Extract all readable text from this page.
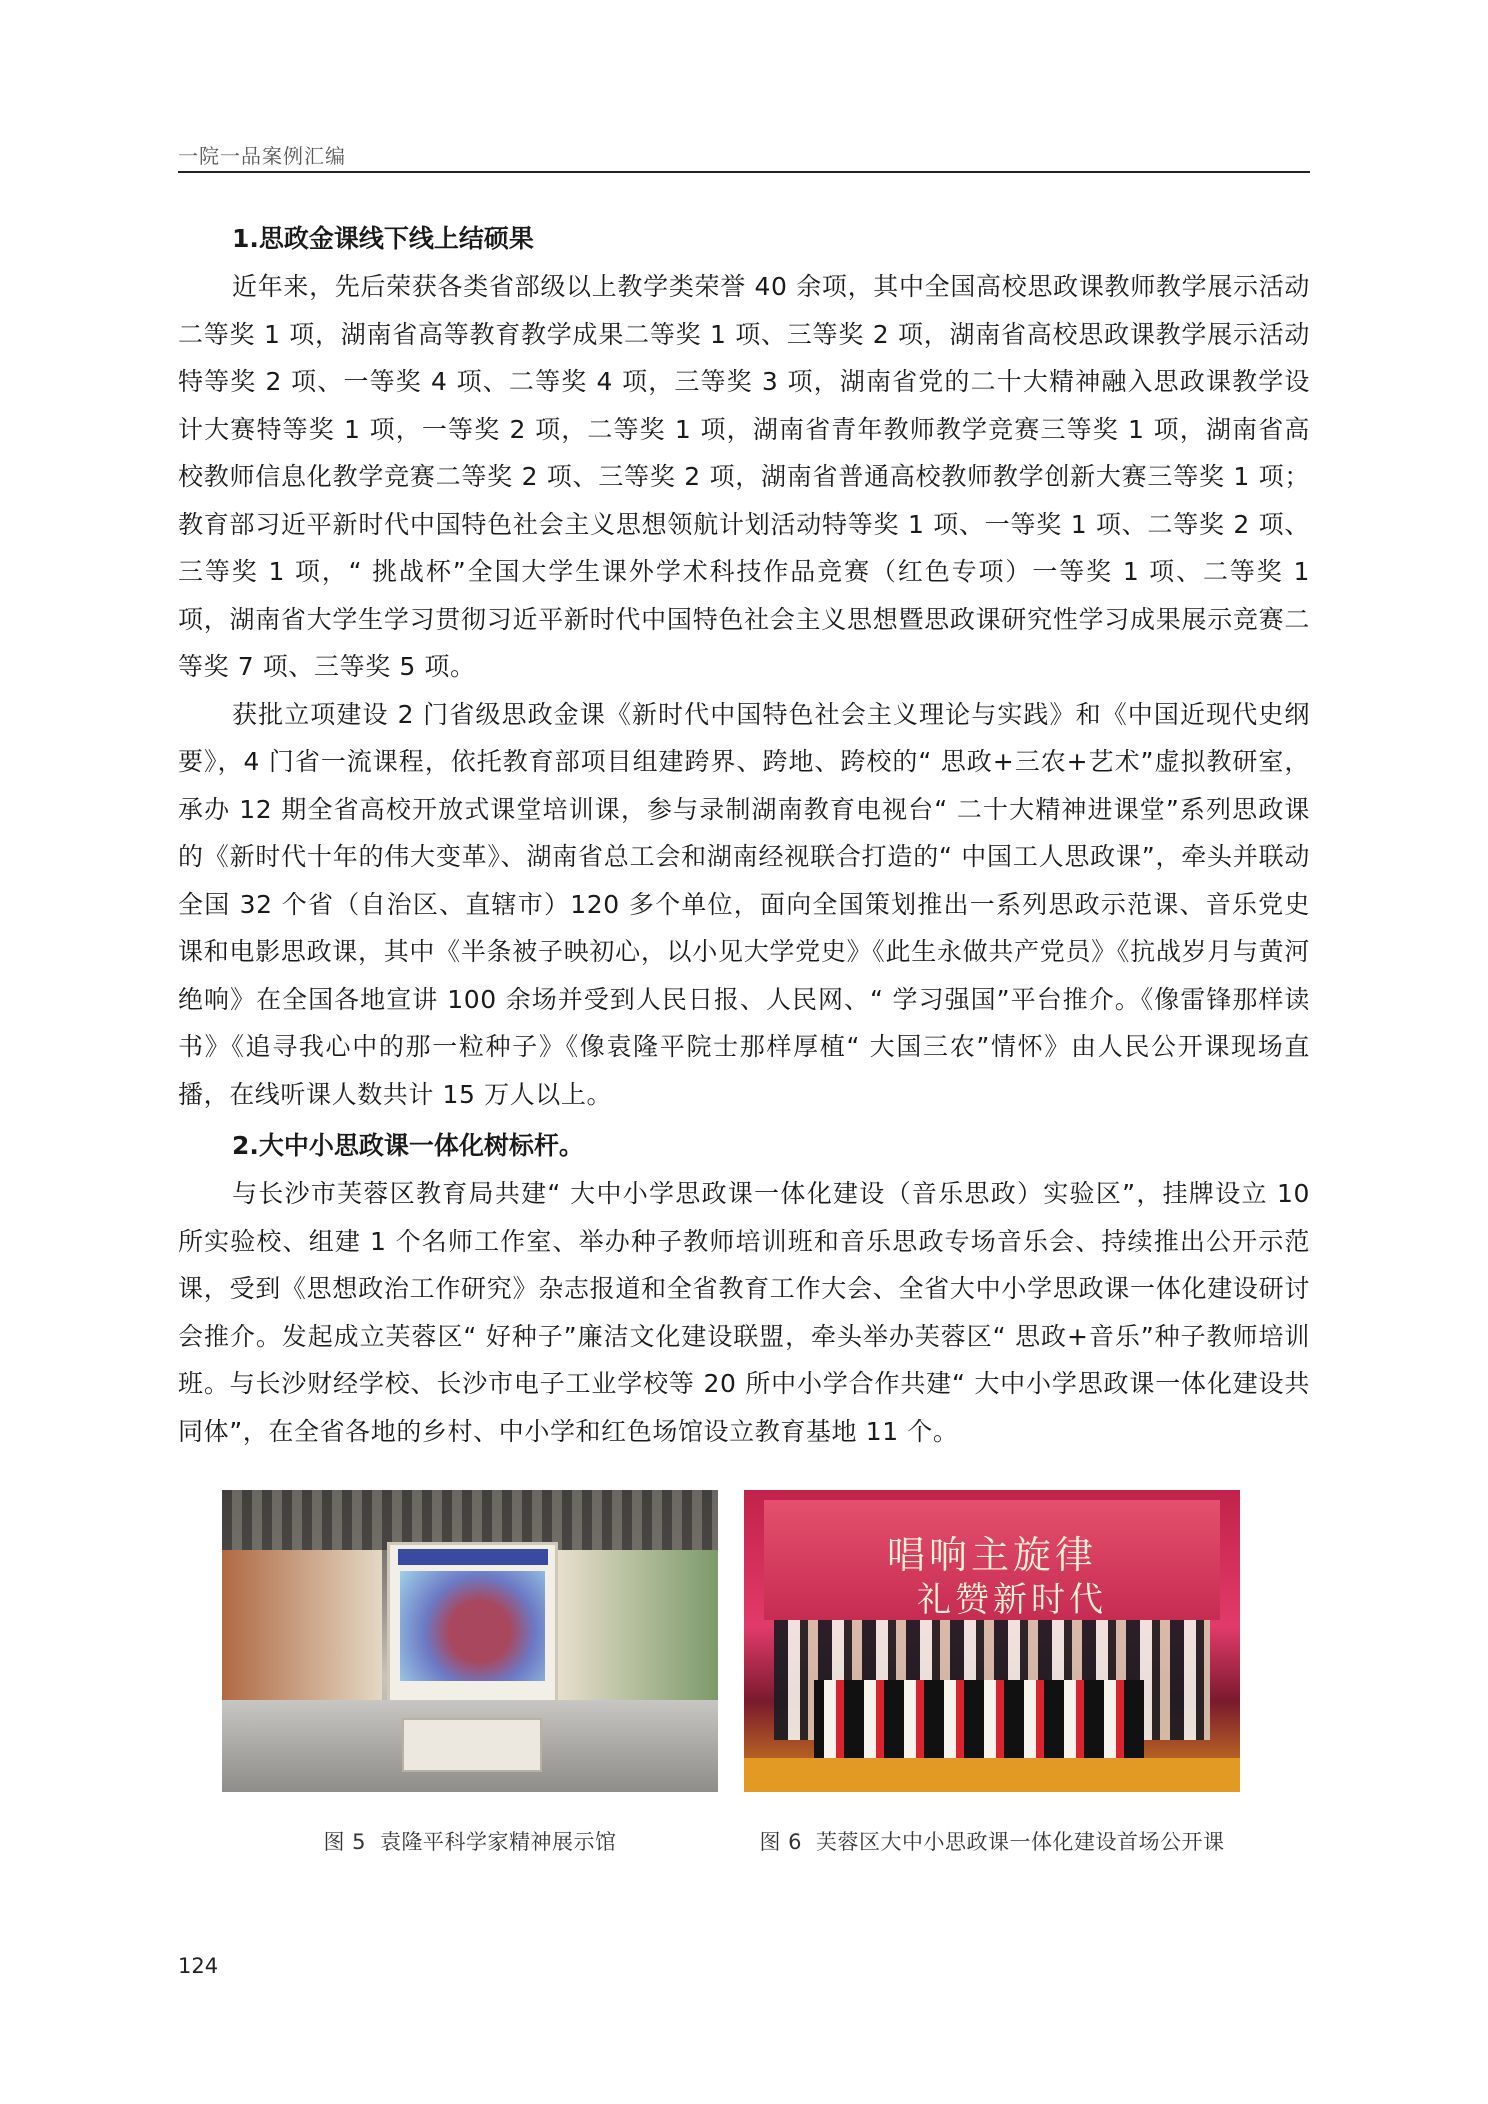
一院一品案例汇编

1.思政金课线下线上结硕果

近年来，先后荣获各类省部级以上教学类荣誉 40 余项，其中全国高校思政课教师教学展示活动二等奖 1 项，湖南省高等教育教学成果二等奖 1 项、三等奖 2 项，湖南省高校思政课教学展示活动特等奖 2 项、一等奖 4 项、二等奖 4 项，三等奖 3 项，湖南省党的二十大精神融入思政课教学设计大赛特等奖 1 项，一等奖 2 项，二等奖 1 项，湖南省青年教师教学竞赛三等奖 1 项，湖南省高校教师信息化教学竞赛二等奖 2 项、三等奖 2 项，湖南省普通高校教师教学创新大赛三等奖 1 项；教育部习近平新时代中国特色社会主义思想领航计划活动特等奖 1 项、一等奖 1 项、二等奖 2 项、三等奖 1 项，“ 挑战杯”全国大学生课外学术科技作品竞赛（红色专项）一等奖 1 项、二等奖 1 项，湖南省大学生学习贯彻习近平新时代中国特色社会主义思想暨思政课研究性学习成果展示竞赛二等奖 7 项、三等奖 5 项。

获批立项建设 2 门省级思政金课《新时代中国特色社会主义理论与实践》和《中国近现代史纲要》，4 门省一流课程，依托教育部项目组建跨界、跨地、跨校的“ 思政+三农+艺术”虚拟教研室，承办 12 期全省高校开放式课堂培训课，参与录制湖南教育电视台“ 二十大精神进课堂”系列思政课的《新时代十年的伟大变革》、湖南省总工会和湖南经视联合打造的“ 中国工人思政课”，牵头并联动全国 32 个省（自治区、直辖市）120 多个单位，面向全国策划推出一系列思政示范课、音乐党史课和电影思政课，其中《半条被子映初心，以小见大学党史》《此生永做共产党员》《抗战岁月与黄河绝响》在全国各地宣讲 100 余场并受到人民日报、人民网、“ 学习强国”平台推介。《像雷锋那样读书》《追寻我心中的那一粒种子》《像袁隆平院士那样厚植“ 大国三农”情怀》由人民公开课现场直播，在线听课人数共计 15 万人以上。

2.大中小思政课一体化树标杆。

与长沙市芙蓉区教育局共建“ 大中小学思政课一体化建设（音乐思政）实验区”，挂牌设立 10 所实验校、组建 1 个名师工作室、举办种子教师培训班和音乐思政专场音乐会、持续推出公开示范课，受到《思想政治工作研究》杂志报道和全省教育工作大会、全省大中小学思政课一体化建设研讨会推介。发起成立芙蓉区“ 好种子”廉洁文化建设联盟，牵头举办芙蓉区“ 思政+音乐”种子教师培训班。与长沙财经学校、长沙市电子工业学校等 20 所中小学合作共建“ 大中小学思政课一体化建设共同体”，在全省各地的乡村、中小学和红色场馆设立教育基地 11 个。

图 5 袁隆平科学家精神展示馆
唱响主旋律
礼赞新时代
图 6 芙蓉区大中小思政课一体化建设首场公开课
124
